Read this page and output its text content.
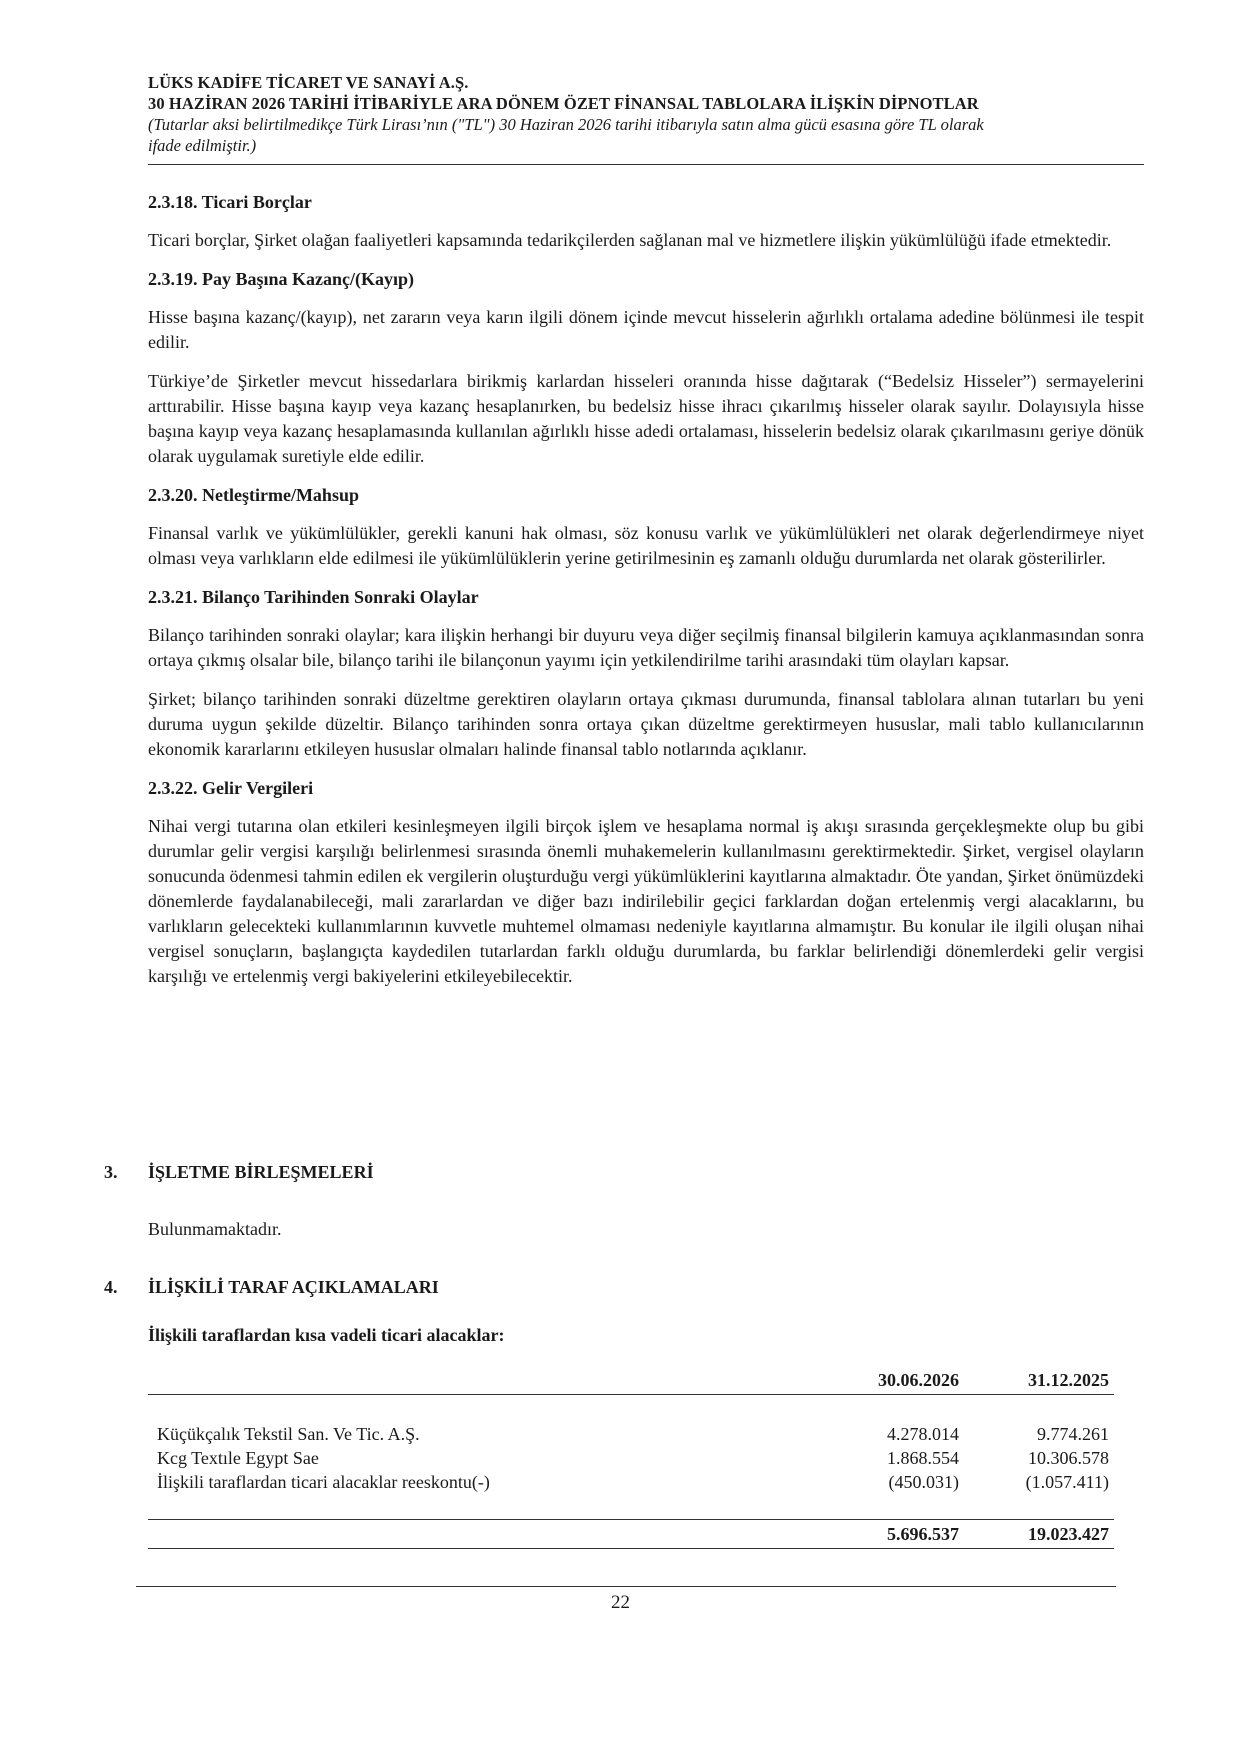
LÜKS KADİFE TİCARET VE SANAYİ A.Ş.
30 HAZİRAN 2026 TARİHİ İTİBARİYLE ARA DÖNEM ÖZET FİNANSAL TABLOLARA İLİŞKİN DİPNOTLAR
(Tutarlar aksi belirtilmedikçe Türk Lirası’nın ("TL") 30 Haziran 2026 tarihi itibarıyla satın alma gücü esasına göre TL olarak
ifade edilmiştir.)
2.3.18. Ticari Borçlar

Ticari borçlar, Şirket olağan faaliyetleri kapsamında tedarikçilerden sağlanan mal ve hizmetlere ilişkin yükümlülüğü ifade etmektedir.

2.3.19. Pay Başına Kazanç/(Kayıp)

Hisse başına kazanç/(kayıp), net zararın veya karın ilgili dönem içinde mevcut hisselerin ağırlıklı ortalama adedine bölünmesi ile tespit edilir.

Türkiye’de Şirketler mevcut hissedarlara birikmiş karlardan hisseleri oranında hisse dağıtarak (“Bedelsiz Hisseler”) sermayelerini arttırabilir. Hisse başına kayıp veya kazanç hesaplanırken, bu bedelsiz hisse ihracı çıkarılmış hisseler olarak sayılır. Dolayısıyla hisse başına kayıp veya kazanç hesaplamasında kullanılan ağırlıklı hisse adedi ortalaması, hisselerin bedelsiz olarak çıkarılmasını geriye dönük olarak uygulamak suretiyle elde edilir.

2.3.20. Netleştirme/Mahsup

Finansal varlık ve yükümlülükler, gerekli kanuni hak olması, söz konusu varlık ve yükümlülükleri net olarak değerlendirmeye niyet olması veya varlıkların elde edilmesi ile yükümlülüklerin yerine getirilmesinin eş zamanlı olduğu durumlarda net olarak gösterilirler.

2.3.21. Bilanço Tarihinden Sonraki Olaylar

Bilanço tarihinden sonraki olaylar; kara ilişkin herhangi bir duyuru veya diğer seçilmiş finansal bilgilerin kamuya açıklanmasından sonra ortaya çıkmış olsalar bile, bilanço tarihi ile bilançonun yayımı için yetkilendirilme tarihi arasındaki tüm olayları kapsar.

Şirket; bilanço tarihinden sonraki düzeltme gerektiren olayların ortaya çıkması durumunda, finansal tablolara alınan tutarları bu yeni duruma uygun şekilde düzeltir. Bilanço tarihinden sonra ortaya çıkan düzeltme gerektirmeyen hususlar, mali tablo kullanıcılarının ekonomik kararlarını etkileyen hususlar olmaları halinde finansal tablo notlarında açıklanır.

2.3.22. Gelir Vergileri

Nihai vergi tutarına olan etkileri kesinleşmeyen ilgili birçok işlem ve hesaplama normal iş akışı sırasında gerçekleşmekte olup bu gibi durumlar gelir vergisi karşılığı belirlenmesi sırasında önemli muhakemelerin kullanılmasını gerektirmektedir. Şirket, vergisel olayların sonucunda ödenmesi tahmin edilen ek vergilerin oluşturduğu vergi yükümlüklerini kayıtlarına almaktadır. Öte yandan, Şirket önümüzdeki dönemlerde faydalanabileceği, mali zararlardan ve diğer bazı indirilebilir geçici farklardan doğan ertelenmiş vergi alacaklarını, bu varlıkların gelecekteki kullanımlarının kuvvetle muhtemel olmaması nedeniyle kayıtlarına almamıştır. Bu konular ile ilgili oluşan nihai vergisel sonuçların, başlangıçta kaydedilen tutarlardan farklı olduğu durumlarda, bu farklar belirlendiği dönemlerdeki gelir vergisi karşılığı ve ertelenmiş vergi bakiyelerini etkileyebilecektir.

3. İŞLETME BİRLEŞMELERİ
Bulunmamaktadır.
4. İLİŞKİLİ TARAF AÇIKLAMALARI
İlişkili taraflardan kısa vadeli ticari alacaklar:
30.06.2026	31.12.2025
Küçükçalık Tekstil San. Ve Tic. A.Ş.	4.278.014	9.774.261
Kcg Textıle Egypt Sae	1.868.554	10.306.578
İlişkili taraflardan ticari alacaklar reeskontu(-)	(450.031)	(1.057.411)
5.696.537	19.023.427
22
